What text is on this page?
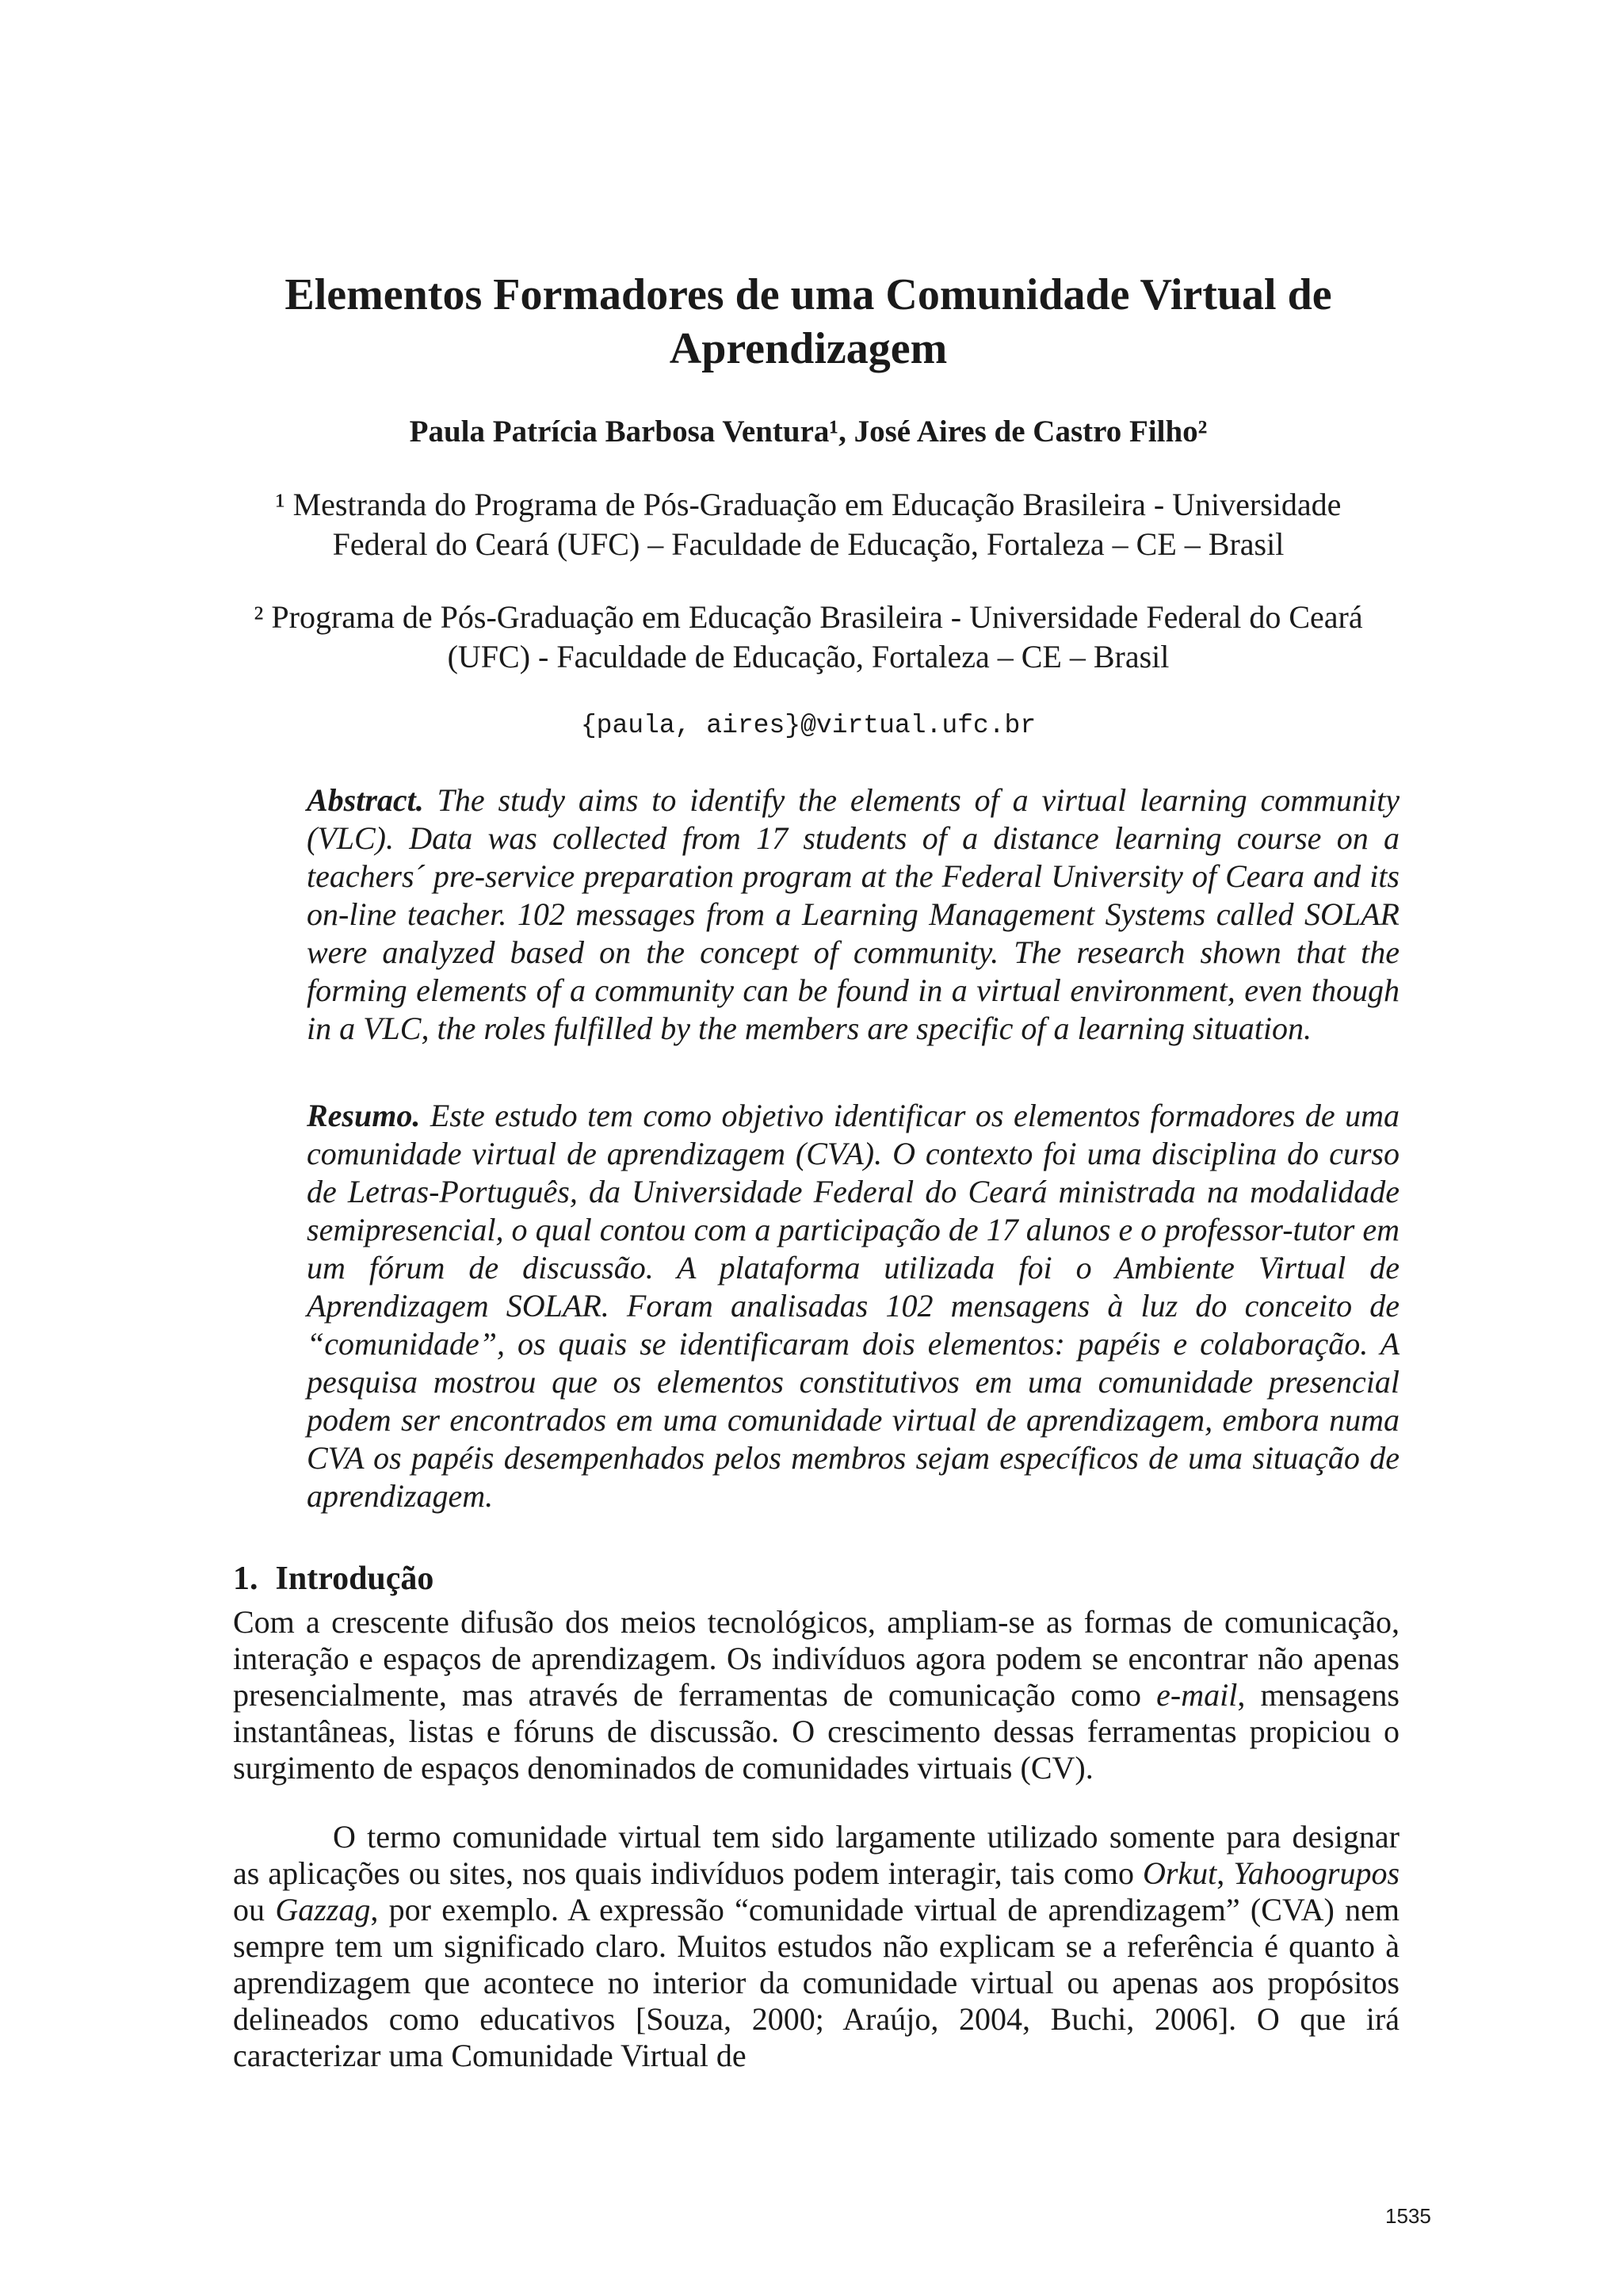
Elementos Formadores de uma Comunidade Virtual de
Aprendizagem
Paula Patrícia Barbosa Ventura¹, José Aires de Castro Filho²
¹ Mestranda do Programa de Pós-Graduação em Educação Brasileira - Universidade
Federal do Ceará (UFC) – Faculdade de Educação, Fortaleza – CE – Brasil
² Programa de Pós-Graduação em Educação Brasileira - Universidade Federal do Ceará
(UFC) - Faculdade de Educação, Fortaleza – CE – Brasil
{paula, aires}@virtual.ufc.br
Abstract. The study aims to identify the elements of a virtual learning community (VLC). Data was collected from 17 students of a distance learning course on a teachers´ pre-service preparation program at the Federal University of Ceara and its on-line teacher. 102 messages from a Learning Management Systems called SOLAR were analyzed based on the concept of community. The research shown that the forming elements of a community can be found in a virtual environment, even though in a VLC, the roles fulfilled by the members are specific of a learning situation.
Resumo. Este estudo tem como objetivo identificar os elementos formadores de uma comunidade virtual de aprendizagem (CVA). O contexto foi uma disciplina do curso de Letras-Português, da Universidade Federal do Ceará ministrada na modalidade semipresencial, o qual contou com a participação de 17 alunos e o professor-tutor em um fórum de discussão. A plataforma utilizada foi o Ambiente Virtual de Aprendizagem SOLAR. Foram analisadas 102 mensagens à luz do conceito de “comunidade”, os quais se identificaram dois elementos: papéis e colaboração. A pesquisa mostrou que os elementos constitutivos em uma comunidade presencial podem ser encontrados em uma comunidade virtual de aprendizagem, embora numa CVA os papéis desempenhados pelos membros sejam específicos de uma situação de aprendizagem.
1. Introdução
Com a crescente difusão dos meios tecnológicos, ampliam-se as formas de comunicação, interação e espaços de aprendizagem. Os indivíduos agora podem se encontrar não apenas presencialmente, mas através de ferramentas de comunicação como e-mail, mensagens instantâneas, listas e fóruns de discussão. O crescimento dessas ferramentas propiciou o surgimento de espaços denominados de comunidades virtuais (CV).
O termo comunidade virtual tem sido largamente utilizado somente para designar as aplicações ou sites, nos quais indivíduos podem interagir, tais como Orkut, Yahoogrupos ou Gazzag, por exemplo. A expressão “comunidade virtual de aprendizagem” (CVA) nem sempre tem um significado claro. Muitos estudos não explicam se a referência é quanto à aprendizagem que acontece no interior da comunidade virtual ou apenas aos propósitos delineados como educativos [Souza, 2000; Araújo, 2004, Buchi, 2006]. O que irá caracterizar uma Comunidade Virtual de
1535
